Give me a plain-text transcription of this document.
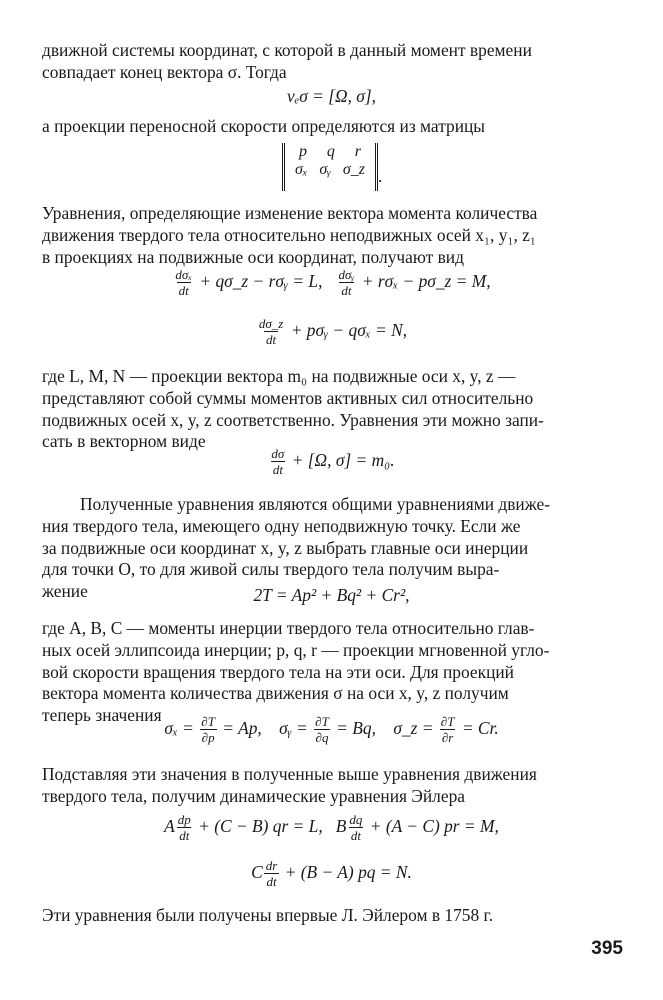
движной системы координат, с которой в данный момент времени
совпадает конец вектора σ. Тогда

vₑσ = [Ω, σ],

а проекции переносной скорости определяются из матрицы

p q r
σₓ σᵧ σ_z .

Уравнения, определяющие изменение вектора момента количества
движения твердого тела относительно неподвижных осей x₁, y₁, z₁
в проекциях на подвижные оси координат, получают вид

$\frac{\text{dσₓ}}{dt}$ + qσ_z − rσᵧ = L, $\frac{\text{dσᵧ}}{dt} + r\sigma_x$ − pσ_z = M,
$\frac{d\sigma\_z}{dt}$ + pσᵧ − qσₓ = N,

где L, M, N — проекции вектора m₀ на подвижные оси x, y, z —
представляют собой суммы моментов активных сил относительно
подвижных осей x, y, z соответственно. Уравнения эти можно запи-
сать в векторном виде

$\frac{d\sigma}{dt} + [\Omega$, σ] = m₀.

Полученные уравнения являются общими уравнениями движе-
ния твердого тела, имеющего одну неподвижную точку. Если же
за подвижные оси координат x, y, z выбрать главные оси инерции
для точки O, то для живой силы твердого тела получим выра-
жение	2T = Ap² + Bq² + Cr²,

где A, B, C — моменты инерции твердого тела относительно глав-
ных осей эллипсоида инерции; p, q, r — проекции мгновенной угло-
вой скорости вращения твердого тела на эти оси. Для проекций
вектора момента количества движения σ на оси x, y, z получим
теперь значения

$\sigma_x = \frac{\partial T}{\partial p} = Ap$, σᵧ = $\frac{\partial T}{\partial q} = Bq$, σ_z = $\frac{\partial T}{\partial r} = Cr$.

Подставляя эти значения в полученные выше уравнения движения
твердого тела, получим динамические уравнения Эйлера

A $\frac{dp}{dt} + (C - B)$ qr = L, B $\frac{dq}{dt} + (A - C)$ pr = M,
C $\frac{dr}{dt} + (B - A)$ pq = N.

Эти уравнения были получены впервые Л. Эйлером в 1758 г.

395
